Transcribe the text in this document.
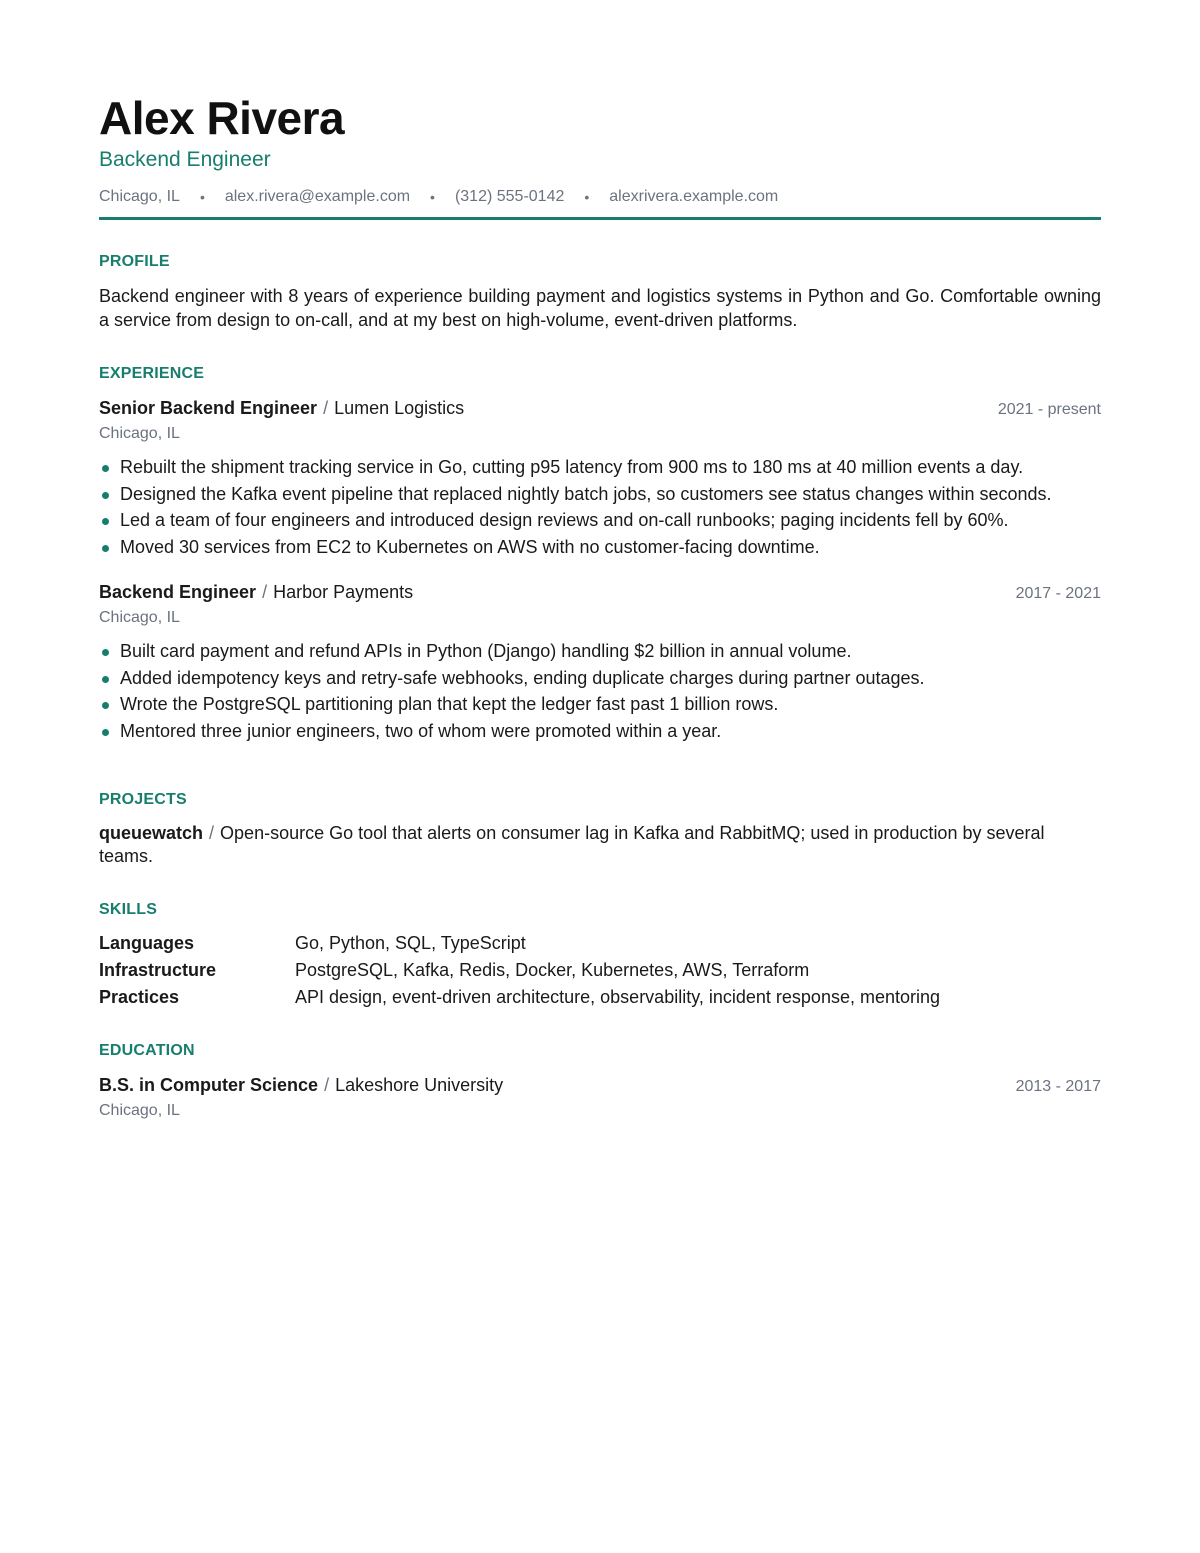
Alex Rivera
Backend Engineer
Chicago, IL • alex.rivera@example.com • (312) 555-0142 • alexrivera.example.com
PROFILE

Backend engineer with 8 years of experience building payment and logistics systems in Python and Go. Comfortable owning a service from design to on-call, and at my best on high-volume, event-driven platforms.

EXPERIENCE
Senior Backend Engineer / Lumen Logistics	2021 - present
Chicago, IL
Rebuilt the shipment tracking service in Go, cutting p95 latency from 900 ms to 180 ms at 40 million events a day.
Designed the Kafka event pipeline that replaced nightly batch jobs, so customers see status changes within seconds.
Led a team of four engineers and introduced design reviews and on-call runbooks; paging incidents fell by 60%.
Moved 30 services from EC2 to Kubernetes on AWS with no customer-facing downtime.
Backend Engineer / Harbor Payments	2017 - 2021
Chicago, IL
Built card payment and refund APIs in Python (Django) handling $2 billion in annual volume.
Added idempotency keys and retry-safe webhooks, ending duplicate charges during partner outages.
Wrote the PostgreSQL partitioning plan that kept the ledger fast past 1 billion rows.
Mentored three junior engineers, two of whom were promoted within a year.
PROJECTS

queuewatch / Open-source Go tool that alerts on consumer lag in Kafka and RabbitMQ; used in production by several teams.

SKILLS
Languages	Go, Python, SQL, TypeScript
Infrastructure	PostgreSQL, Kafka, Redis, Docker, Kubernetes, AWS, Terraform
Practices	API design, event-driven architecture, observability, incident response, mentoring
EDUCATION
B.S. in Computer Science / Lakeshore University	2013 - 2017
Chicago, IL
